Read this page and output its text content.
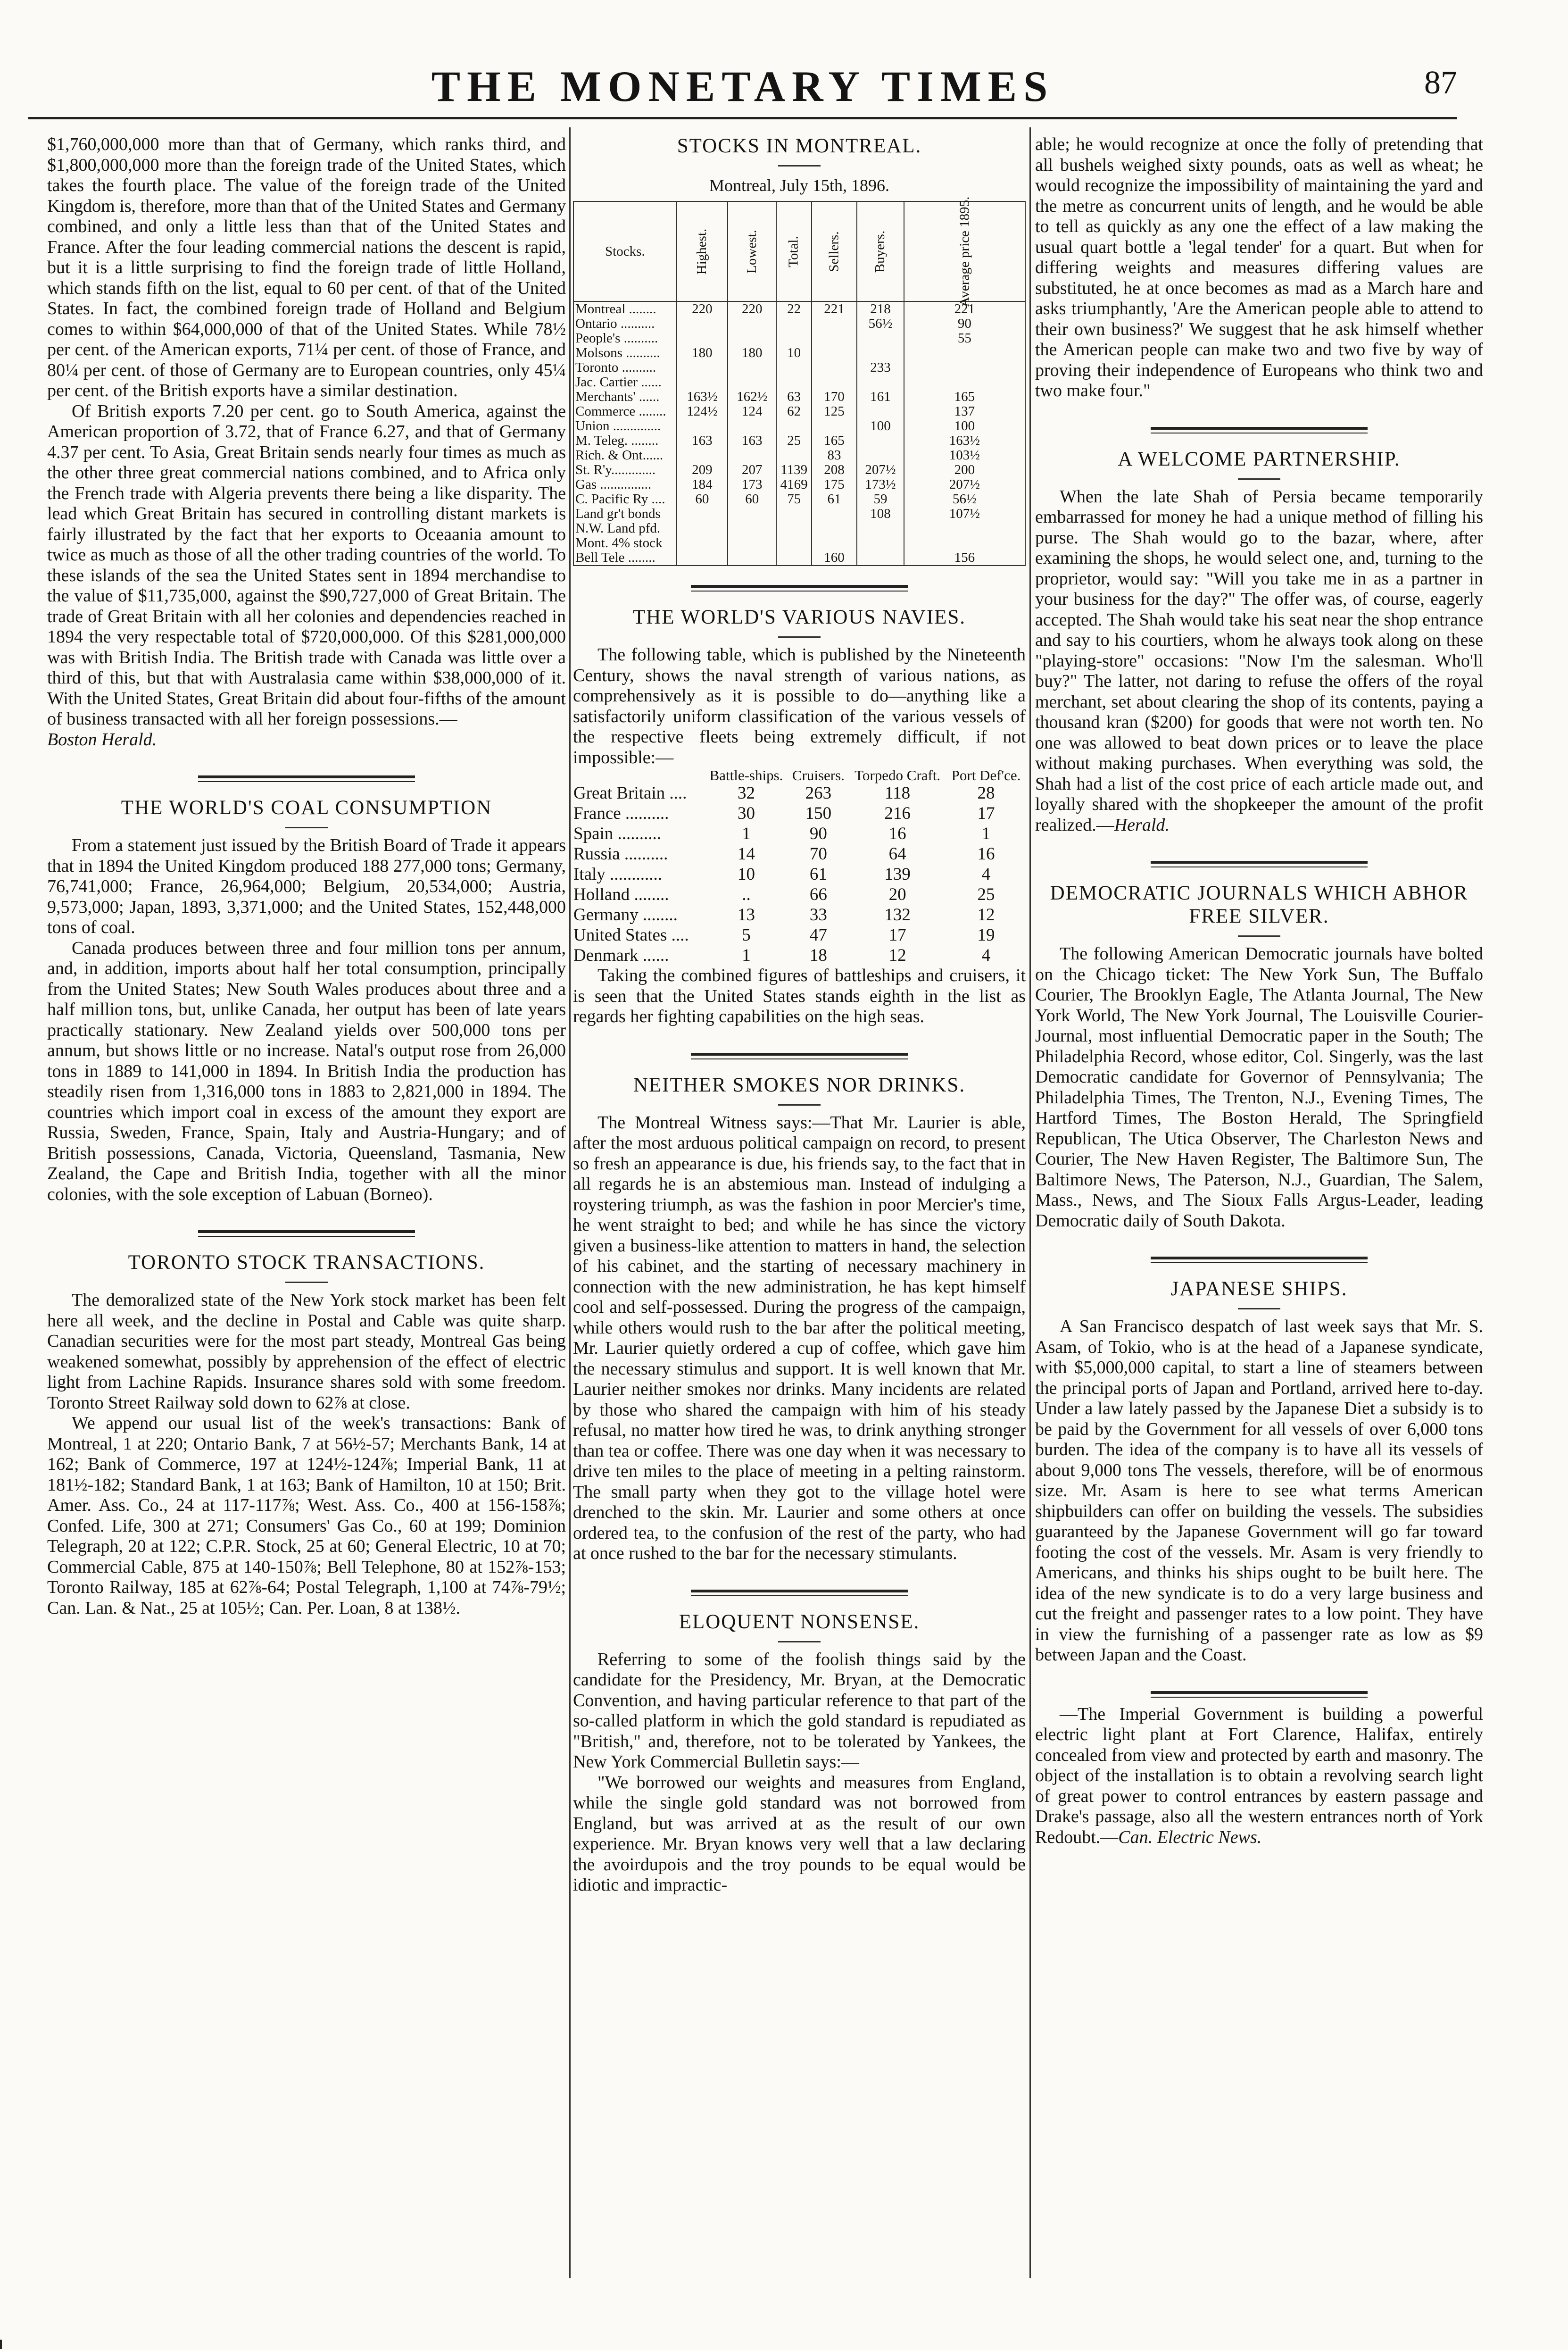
THE MONETARY TIMES	87

$1,760,000,000 more than that of Germany, which ranks third, and $1,800,000,000 more than the foreign trade of the United States, which takes the fourth place. The value of the foreign trade of the United Kingdom is, therefore, more than that of the United States and Germany combined, and only a little less than that of the United States and France. After the four leading commercial nations the descent is rapid, but it is a little surprising to find the foreign trade of little Holland, which stands fifth on the list, equal to 60 per cent. of that of the United States. In fact, the combined foreign trade of Holland and Belgium comes to within $64,000,000 of that of the United States. While 78½ per cent. of the American exports, 71¼ per cent. of those of France, and 80¼ per cent. of those of Germany are to European countries, only 45¼ per cent. of the British exports have a similar destination.

Of British exports 7.20 per cent. go to South America, against the American proportion of 3.72, that of France 6.27, and that of Germany 4.37 per cent. To Asia, Great Britain sends nearly four times as much as the other three great commercial nations combined, and to Africa only the French trade with Algeria prevents there being a like disparity. The lead which Great Britain has secured in controlling distant markets is fairly illustrated by the fact that her exports to Oceaania amount to twice as much as those of all the other trading countries of the world. To these islands of the sea the United States sent in 1894 merchandise to the value of $11,735,000, against the $90,727,000 of Great Britain. The trade of Great Britain with all her colonies and dependencies reached in 1894 the very respectable total of $720,000,000. Of this $281,000,000 was with British India. The British trade with Canada was little over a third of this, but that with Australasia came within $38,000,000 of it. With the United States, Great Britain did about four-fifths of the amount of business transacted with all her foreign possessions.—
Boston Herald.

THE WORLD'S COAL CONSUMPTION

From a statement just issued by the British Board of Trade it appears that in 1894 the United Kingdom produced 188 277,000 tons; Germany, 76,741,000; France, 26,964,000; Belgium, 20,534,000; Austria, 9,573,000; Japan, 1893, 3,371,000; and the United States, 152,448,000 tons of coal.

Canada produces between three and four million tons per annum, and, in addition, imports about half her total consumption, principally from the United States; New South Wales produces about three and a half million tons, but, unlike Canada, her output has been of late years practically stationary. New Zealand yields over 500,000 tons per annum, but shows little or no increase. Natal's output rose from 26,000 tons in 1889 to 141,000 in 1894. In British India the production has steadily risen from 1,316,000 tons in 1883 to 2,821,000 in 1894. The countries which import coal in excess of the amount they export are Russia, Sweden, France, Spain, Italy and Austria-Hungary; and of British possessions, Canada, Victoria, Queensland, Tasmania, New Zealand, the Cape and British India, together with all the minor colonies, with the sole exception of Labuan (Borneo).

TORONTO STOCK TRANSACTIONS.

The demoralized state of the New York stock market has been felt here all week, and the decline in Postal and Cable was quite sharp. Canadian securities were for the most part steady, Montreal Gas being weakened somewhat, possibly by apprehension of the effect of electric light from Lachine Rapids. Insurance shares sold with some freedom. Toronto Street Railway sold down to 62⅞ at close.

We append our usual list of the week's transactions: Bank of Montreal, 1 at 220; Ontario Bank, 7 at 56½-57; Merchants Bank, 14 at 162; Bank of Commerce, 197 at 124½-124⅞; Imperial Bank, 11 at 181½-182; Standard Bank, 1 at 163; Bank of Hamilton, 10 at 150; Brit. Amer. Ass. Co., 24 at 117-117⅞; West. Ass. Co., 400 at 156-158⅞; Confed. Life, 300 at 271; Consumers' Gas Co., 60 at 199; Dominion Telegraph, 20 at 122; C.P.R. Stock, 25 at 60; General Electric, 10 at 70; Commercial Cable, 875 at 140-150⅞; Bell Telephone, 80 at 152⅞-153; Toronto Railway, 185 at 62⅞-64; Postal Telegraph, 1,100 at 74⅞-79½; Can. Lan. & Nat., 25 at 105½; Can. Per. Loan, 8 at 138½.

STOCKS IN MONTREAL.
Montreal, July 15th, 1896.
Stocks.	Highest.	Lowest.	Total.	Sellers.	Buyers.	Average price 1895.
Montreal ........	220	220	22	221	218	221
Ontario ..........					56½	90
People's ..........						55
Molsons ..........	180	180	10			
Toronto ..........					233	
Jac. Cartier ......						
Merchants' ......	163½	162½	63	170	161	165
Commerce ........	124½	124	62	125		137
Union ..............					100	100
M. Teleg. ........	163	163	25	165		163½
Rich. & Ont......				83		103½
St. R'y.............	209	207	1139	208	207½	200
Gas ...............	184	173	4169	175	173½	207½
C. Pacific Ry ....	60	60	75	61	59	56½
Land gr't bonds					108	107½
N.W. Land pfd.						
Mont. 4% stock						
Bell Tele ........				160		156
THE WORLD'S VARIOUS NAVIES.

The following table, which is published by the Nineteenth Century, shows the naval strength of various nations, as comprehensively as it is possible to do—anything like a satisfactorily uniform classification of the various vessels of the respective fleets being extremely difficult, if not impossible:—

	Battle-ships.	Cruisers.	Torpedo Craft.	Port Def'ce.
Great Britain ....	32	263	118	28
France ..........	30	150	216	17
Spain ..........	1	90	16	1
Russia ..........	14	70	64	16
Italy ............	10	61	139	4
Holland ........	..	66	20	25
Germany ........	13	33	132	12
United States ....	5	47	17	19
Denmark ......	1	18	12	4

Taking the combined figures of battleships and cruisers, it is seen that the United States stands eighth in the list as regards her fighting capabilities on the high seas.

NEITHER SMOKES NOR DRINKS.

The Montreal Witness says:—That Mr. Laurier is able, after the most arduous political campaign on record, to present so fresh an appearance is due, his friends say, to the fact that in all regards he is an abstemious man. Instead of indulging a roystering triumph, as was the fashion in poor Mercier's time, he went straight to bed; and while he has since the victory given a business-like attention to matters in hand, the selection of his cabinet, and the starting of necessary machinery in connection with the new administration, he has kept himself cool and self-possessed. During the progress of the campaign, while others would rush to the bar after the political meeting, Mr. Laurier quietly ordered a cup of coffee, which gave him the necessary stimulus and support. It is well known that Mr. Laurier neither smokes nor drinks. Many incidents are related by those who shared the campaign with him of his steady refusal, no matter how tired he was, to drink anything stronger than tea or coffee. There was one day when it was necessary to drive ten miles to the place of meeting in a pelting rainstorm. The small party when they got to the village hotel were drenched to the skin. Mr. Laurier and some others at once ordered tea, to the confusion of the rest of the party, who had at once rushed to the bar for the necessary stimulants.

ELOQUENT NONSENSE.

Referring to some of the foolish things said by the candidate for the Presidency, Mr. Bryan, at the Democratic Convention, and having particular reference to that part of the so-called platform in which the gold standard is repudiated as "British," and, therefore, not to be tolerated by Yankees, the New York Commercial Bulletin says:—

"We borrowed our weights and measures from England, while the single gold standard was not borrowed from England, but was arrived at as the result of our own experience. Mr. Bryan knows very well that a law declaring the avoirdupois and the troy pounds to be equal would be idiotic and impractic-

able; he would recognize at once the folly of pretending that all bushels weighed sixty pounds, oats as well as wheat; he would recognize the impossibility of maintaining the yard and the metre as concurrent units of length, and he would be able to tell as quickly as any one the effect of a law making the usual quart bottle a 'legal tender' for a quart. But when for differing weights and measures differing values are substituted, he at once becomes as mad as a March hare and asks triumphantly, 'Are the American people able to attend to their own business?' We suggest that he ask himself whether the American people can make two and two five by way of proving their independence of Europeans who think two and two make four."

A WELCOME PARTNERSHIP.

When the late Shah of Persia became temporarily embarrassed for money he had a unique method of filling his purse. The Shah would go to the bazar, where, after examining the shops, he would select one, and, turning to the proprietor, would say: "Will you take me in as a partner in your business for the day?" The offer was, of course, eagerly accepted. The Shah would take his seat near the shop entrance and say to his courtiers, whom he always took along on these "playing-store" occasions: "Now I'm the salesman. Who'll buy?" The latter, not daring to refuse the offers of the royal merchant, set about clearing the shop of its contents, paying a thousand kran ($200) for goods that were not worth ten. No one was allowed to beat down prices or to leave the place without making purchases. When everything was sold, the Shah had a list of the cost price of each article made out, and loyally shared with the shopkeeper the amount of the profit realized.—Herald.

DEMOCRATIC JOURNALS WHICH ABHOR FREE SILVER.

The following American Democratic journals have bolted on the Chicago ticket: The New York Sun, The Buffalo Courier, The Brooklyn Eagle, The Atlanta Journal, The New York World, The New York Journal, The Louisville Courier-Journal, most influential Democratic paper in the South; The Philadelphia Record, whose editor, Col. Singerly, was the last Democratic candidate for Governor of Pennsylvania; The Philadelphia Times, The Trenton, N.J., Evening Times, The Hartford Times, The Boston Herald, The Springfield Republican, The Utica Observer, The Charleston News and Courier, The New Haven Register, The Baltimore Sun, The Baltimore News, The Paterson, N.J., Guardian, The Salem, Mass., News, and The Sioux Falls Argus-Leader, leading Democratic daily of South Dakota.

JAPANESE SHIPS.

A San Francisco despatch of last week says that Mr. S. Asam, of Tokio, who is at the head of a Japanese syndicate, with $5,000,000 capital, to start a line of steamers between the principal ports of Japan and Portland, arrived here to-day. Under a law lately passed by the Japanese Diet a subsidy is to be paid by the Government for all vessels of over 6,000 tons burden. The idea of the company is to have all its vessels of about 9,000 tons The vessels, therefore, will be of enormous size. Mr. Asam is here to see what terms American shipbuilders can offer on building the vessels. The subsidies guaranteed by the Japanese Government will go far toward footing the cost of the vessels. Mr. Asam is very friendly to Americans, and thinks his ships ought to be built here. The idea of the new syndicate is to do a very large business and cut the freight and passenger rates to a low point. They have in view the furnishing of a passenger rate as low as $9 between Japan and the Coast.

—The Imperial Government is building a powerful electric light plant at Fort Clarence, Halifax, entirely concealed from view and protected by earth and masonry. The object of the installation is to obtain a revolving search light of great power to control entrances by eastern passage and Drake's passage, also all the western entrances north of York Redoubt.—Can. Electric News.
